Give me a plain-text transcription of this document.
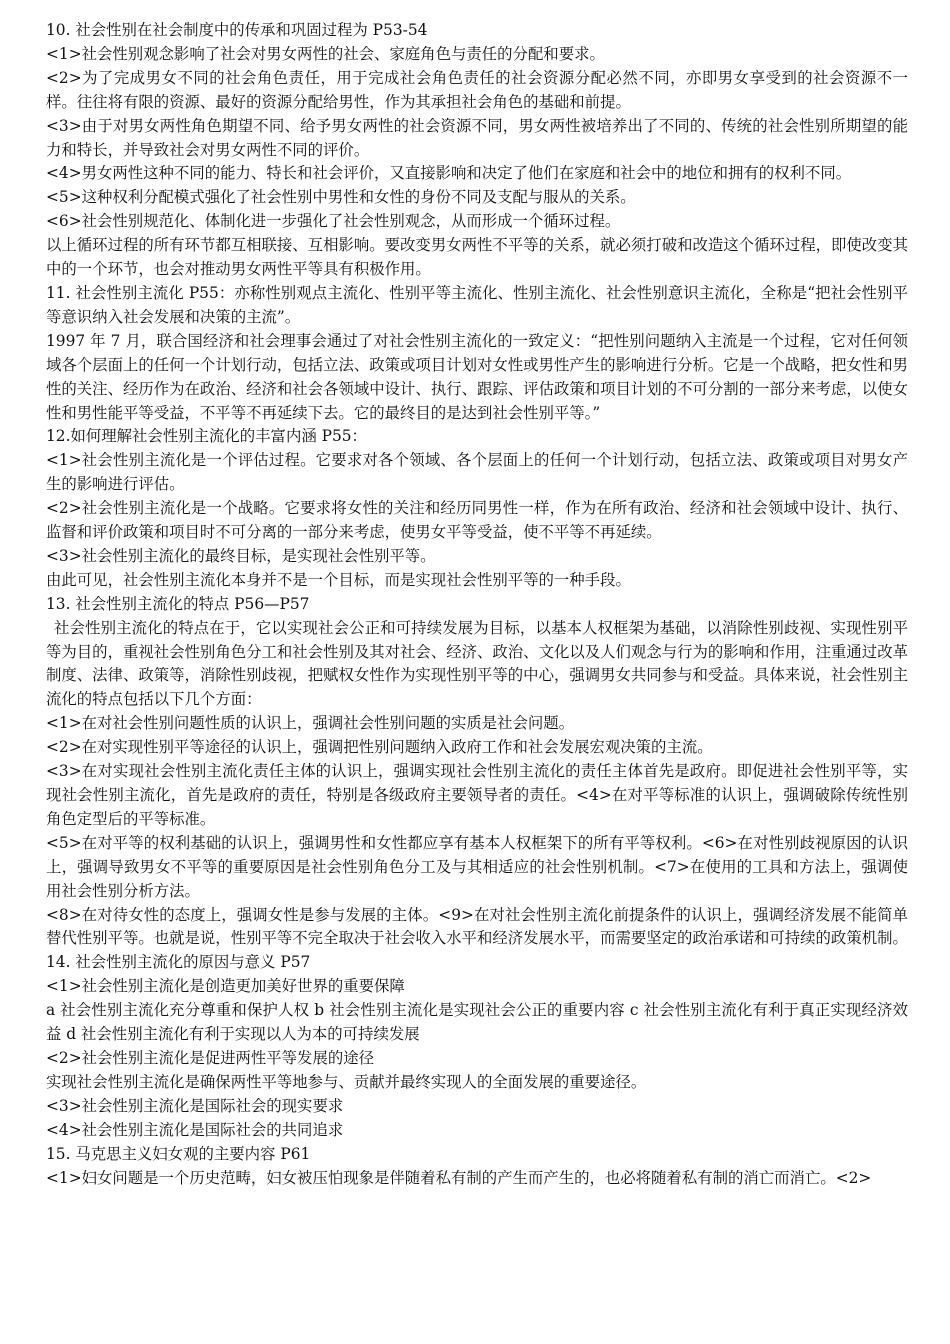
10. 社会性别在社会制度中的传承和巩固过程为 P53-54

<1>社会性别观念影响了社会对男女两性的社会、家庭角色与责任的分配和要求。

<2>为了完成男女不同的社会角色责任，用于完成社会角色责任的社会资源分配必然不同，亦即男女享受到的社会资源不一样。往往将有限的资源、最好的资源分配给男性，作为其承担社会角色的基础和前提。

<3>由于对男女两性角色期望不同、给予男女两性的社会资源不同，男女两性被培养出了不同的、传统的社会性别所期望的能力和特长，并导致社会对男女两性不同的评价。

<4>男女两性这种不同的能力、特长和社会评价，又直接影响和决定了他们在家庭和社会中的地位和拥有的权利不同。

<5>这种权利分配模式强化了社会性别中男性和女性的身份不同及支配与服从的关系。

<6>社会性别规范化、体制化进一步强化了社会性别观念，从而形成一个循环过程。

以上循环过程的所有环节都互相联接、互相影响。要改变男女两性不平等的关系，就必须打破和改造这个循环过程，即使改变其中的一个环节，也会对推动男女两性平等具有积极作用。

11. 社会性别主流化 P55：亦称性别观点主流化、性别平等主流化、性别主流化、社会性别意识主流化，全称是“把社会性别平等意识纳入社会发展和决策的主流”。

1997 年 7 月，联合国经济和社会理事会通过了对社会性别主流化的一致定义：“把性别问题纳入主流是一个过程，它对任何领域各个层面上的任何一个计划行动，包括立法、政策或项目计划对女性或男性产生的影响进行分析。它是一个战略，把女性和男性的关注、经历作为在政治、经济和社会各领域中设计、执行、跟踪、评估政策和项目计划的不可分割的一部分来考虑，以使女性和男性能平等受益，不平等不再延续下去。它的最终目的是达到社会性别平等。”

12.如何理解社会性别主流化的丰富内涵 P55：

<1>社会性别主流化是一个评估过程。它要求对各个领域、各个层面上的任何一个计划行动，包括立法、政策或项目对男女产生的影响进行评估。

<2>社会性别主流化是一个战略。它要求将女性的关注和经历同男性一样，作为在所有政治、经济和社会领域中设计、执行、监督和评价政策和项目时不可分离的一部分来考虑，使男女平等受益，使不平等不再延续。

<3>社会性别主流化的最终目标，是实现社会性别平等。

由此可见，社会性别主流化本身并不是一个目标，而是实现社会性别平等的一种手段。

13. 社会性别主流化的特点 P56—P57

社会性别主流化的特点在于，它以实现社会公正和可持续发展为目标，以基本人权框架为基础，以消除性别歧视、实现性别平等为目的，重视社会性别角色分工和社会性别及其对社会、经济、政治、文化以及人们观念与行为的影响和作用，注重通过改革制度、法律、政策等，消除性别歧视，把赋权女性作为实现性别平等的中心，强调男女共同参与和受益。具体来说，社会性别主流化的特点包括以下几个方面：

<1>在对社会性别问题性质的认识上，强调社会性别问题的实质是社会问题。

<2>在对实现性别平等途径的认识上，强调把性别问题纳入政府工作和社会发展宏观决策的主流。

<3>在对实现社会性别主流化责任主体的认识上，强调实现社会性别主流化的责任主体首先是政府。即促进社会性别平等，实现社会性别主流化，首先是政府的责任，特别是各级政府主要领导者的责任。<4>在对平等标准的认识上，强调破除传统性别角色定型后的平等标准。

<5>在对平等的权利基础的认识上，强调男性和女性都应享有基本人权框架下的所有平等权利。<6>在对性别歧视原因的认识上，强调导致男女不平等的重要原因是社会性别角色分工及与其相适应的社会性别机制。<7>在使用的工具和方法上，强调使用社会性别分析方法。

<8>在对待女性的态度上，强调女性是参与发展的主体。<9>在对社会性别主流化前提条件的认识上，强调经济发展不能简单替代性别平等。也就是说，性别平等不完全取决于社会收入水平和经济发展水平，而需要坚定的政治承诺和可持续的政策机制。

14. 社会性别主流化的原因与意义 P57

<1>社会性别主流化是创造更加美好世界的重要保障

a 社会性别主流化充分尊重和保护人权 b 社会性别主流化是实现社会公正的重要内容 c 社会性别主流化有利于真正实现经济效益 d 社会性别主流化有利于实现以人为本的可持续发展

<2>社会性别主流化是促进两性平等发展的途径

实现社会性别主流化是确保两性平等地参与、贡献并最终实现人的全面发展的重要途径。

<3>社会性别主流化是国际社会的现实要求

<4>社会性别主流化是国际社会的共同追求

15. 马克思主义妇女观的主要内容 P61

<1>妇女问题是一个历史范畴，妇女被压怕现象是伴随着私有制的产生而产生的，也必将随着私有制的消亡而消亡。<2>
